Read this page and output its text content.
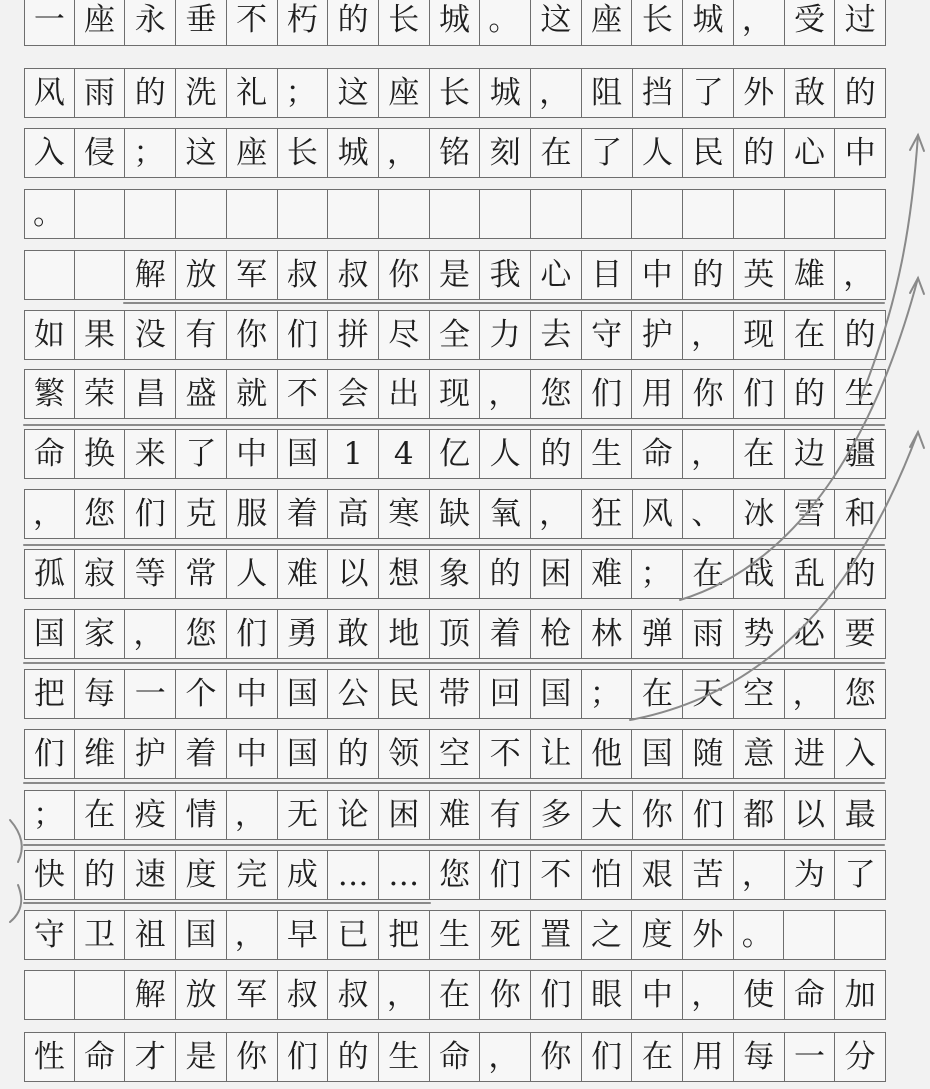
一 座 永 垂 不 朽 的 长 城 。 这 座 长 城 ， 受 过
风 雨 的 洗 礼 ； 这 座 长 城 ， 阻 挡 了 外 敌 的
入 侵 ； 这 座 长 城 ， 铭 刻 在 了 人 民 的 心 中
。
解 放 军 叔 叔 你 是 我 心 目 中 的 英 雄 ，
如 果 没 有 你 们 拼 尽 全 力 去 守 护 ， 现 在 的
繁 荣 昌 盛 就 不 会 出 现 ， 您 们 用 你 们 的 生
命 换 来 了 中 国 1 4 亿 人 的 生 命 ， 在 边 疆
， 您 们 克 服 着 高 寒 缺 氧 ， 狂 风 、 冰 雪 和
孤 寂 等 常 人 难 以 想 象 的 困 难 ； 在 战 乱 的
国 家 ， 您 们 勇 敢 地 顶 着 枪 林 弹 雨 势 必 要
把 每 一 个 中 国 公 民 带 回 国 ； 在 天 空 ， 您
们 维 护 着 中 国 的 领 空 不 让 他 国 随 意 进 入
； 在 疫 情 ， 无 论 困 难 有 多 大 你 们 都 以 最
快 的 速 度 完 成 … … 您 们 不 怕 艰 苦 ， 为 了
守 卫 祖 国 ， 早 已 把 生 死 置 之 度 外 。
解 放 军 叔 叔 ， 在 你 们 眼 中 ， 使 命 加
性 命 才 是 你 们 的 生 命 ， 你 们 在 用 每 一 分
